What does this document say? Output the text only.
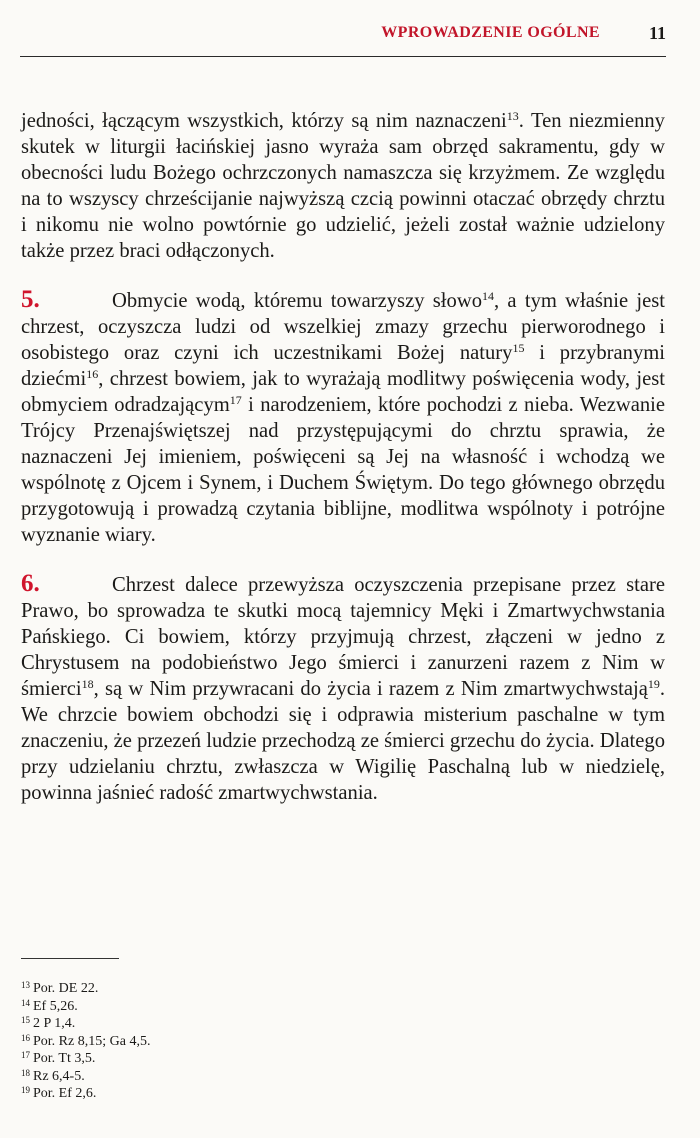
WPROWADZENIE OGÓLNE	11

jedności, łączącym wszystkich, którzy są nim naznaczeni$^{13}$. Ten niezmienny skutek w liturgii łacińskiej jasno wyraża sam obrzęd sakramentu, gdy w obecności ludu Bożego ochrzczonych namaszcza się krzyżmem. Ze względu na to wszyscy chrześcijanie najwyższą czcią powinni otaczać obrzędy chrztu i nikomu nie wolno powtórnie go udzielić, jeżeli został ważnie udzielony także przez braci odłączonych.

5.	Obmycie wodą, któremu towarzyszy słowo$^{14}$, a tym właśnie jest chrzest, oczyszcza ludzi od wszelkiej zmazy grzechu pierworodnego i osobistego oraz czyni ich uczestnikami Bożej natury$^{15}$ i przybranymi dziećmi$^{16}$, chrzest bowiem, jak to wyrażają modlitwy poświęcenia wody, jest obmyciem odradzającym$^{17}$ i narodzeniem, które pochodzi z nieba. Wezwanie Trójcy Przenajświętszej nad przystępującymi do chrztu sprawia, że naznaczeni Jej imieniem, poświęceni są Jej na własność i wchodzą we wspólnotę z Ojcem i Synem, i Duchem Świętym. Do tego głównego obrzędu przygotowują i prowadzą czytania biblijne, modlitwa wspólnoty i potrójne wyznanie wiary.

6.	Chrzest dalece przewyższa oczyszczenia przepisane przez stare Prawo, bo sprowadza te skutki mocą tajemnicy Męki i Zmartwychwstania Pańskiego. Ci bowiem, którzy przyjmują chrzest, złączeni w jedno z Chrystusem na podobieństwo Jego śmierci i zanurzeni razem z Nim w śmierci$^{18}$, są w Nim przywracani do życia i razem z Nim zmartwychwstają$^{19}$. We chrzcie bowiem obchodzi się i odprawia misterium paschalne w tym znaczeniu, że przezeń ludzie przechodzą ze śmierci grzechu do życia. Dlatego przy udzielaniu chrztu, zwłaszcza w Wigilię Paschalną lub w niedzielę, powinna jaśnieć radość zmartwychwstania.

$^{13}$ Por. DE 22.
$^{14}$ Ef 5,26.
$^{15}$ 2 P 1,4.
$^{16}$ Por. Rz 8,15; Ga 4,5.
$^{17}$ Por. Tt 3,5.
$^{18}$ Rz 6,4-5.
$^{19}$ Por. Ef 2,6.
